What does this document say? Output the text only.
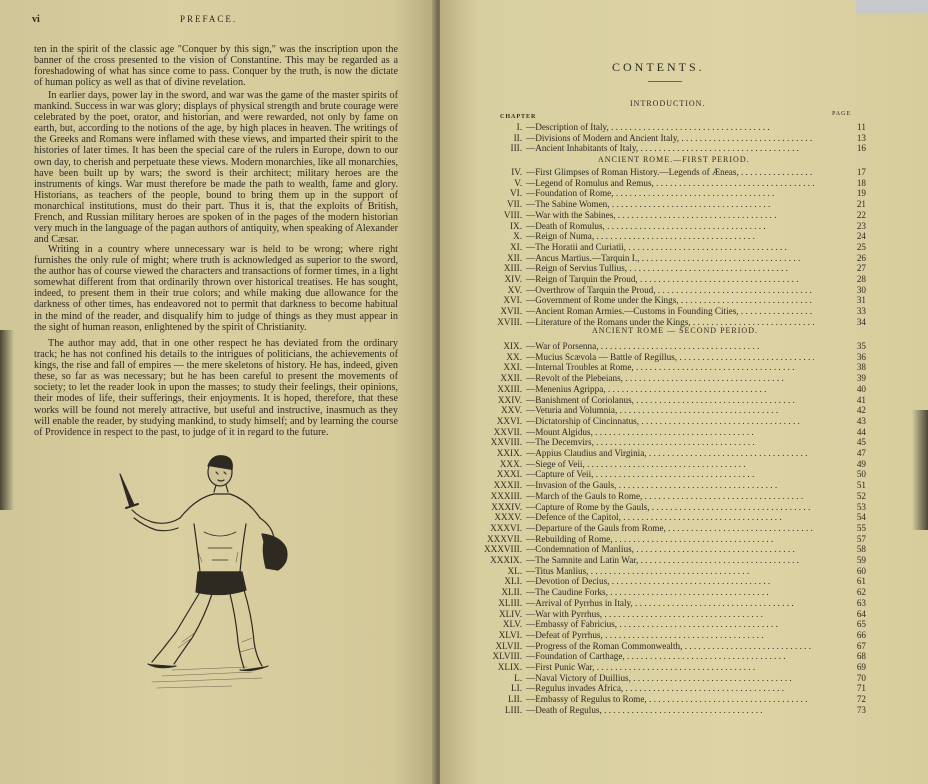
vi	PREFACE.

ten in the spirit of the classic age "Conquer by this sign," was the inscription upon the banner of the cross presented to the vision of Constantine. This may be regarded as a foreshadowing of what has since come to pass. Conquer by the truth, is now the dictate of human policy as well as that of divine revelation.

In earlier days, power lay in the sword, and war was the game of the master spirits of mankind. Success in war was glory; displays of physical strength and brute courage were celebrated by the poet, orator, and historian, and were rewarded, not only by fame on earth, but, according to the notions of the age, by high places in heaven. The writings of the Greeks and Romans were inflamed with these views, and imparted their spirit to the histories of later times. It has been the special care of the rulers in Europe, down to our own day, to cherish and perpetuate these views. Modern monarchies, like all monarchies, have been built up by wars; the sword is their architect; military heroes are the instruments of kings. War must therefore be made the path to wealth, fame and glory. Historians, as teachers of the people, bound to bring them up in the support of monarchical institutions, must do their part. Thus it is, that the exploits of British, French, and Russian military heroes are spoken of in the pages of the modern historian very much in the language of the pagan authors of antiquity, when speaking of Alexander and Cæsar.

Writing in a country where unnecessary war is held to be wrong; where right furnishes the only rule of might; where truth is acknowledged as superior to the sword, the author has of course viewed the characters and transactions of former times, in a light somewhat different from that ordinarily thrown over historical treatises. He has sought, indeed, to present them in their true colors; and while making due allowance for the darkness of other times, has endeavored not to permit that darkness to become habitual in the mind of the reader, and disqualify him to judge of things as they must appear in the sight of human reason, enlightened by the spirit of Christianity.

The author may add, that in one other respect he has deviated from the ordinary track; he has not confined his details to the intrigues of politicians, the achievements of kings, the rise and fall of empires — the mere skeletons of history. He has, indeed, given these, so far as was necessary; but he has been careful to present the movements of society; to let the reader look in upon the masses; to study their feelings, their opinions, their modes of life, their sufferings, their enjoyments. It is hoped, therefore, that these works will be found not merely attractive, but useful and instructive, inasmuch as they will enable the reader, by studying mankind, to study himself; and by learning the course of Providence in respect to the past, to judge of it in regard to the future.

CONTENTS.
INTRODUCTION.
CHAPTER	PAGE
I. —Description of Italy, . .	11
II. —Divisions of Modern and Ancient Italy, . .	13
III. —Ancient Inhabitants of Italy, . .	16
ANCIENT ROME.—FIRST PERIOD.
IV. —First Glimpses of Roman History.—Legends of Æneas, . .	17
V. —Legend of Romulus and Remus, . .	18
VI. —Foundation of Rome, . .	19
VII. —The Sabine Women, . .	21
VIII. —War with the Sabines, . .	22
IX. —Death of Romulus, . .	23
X. —Reign of Numa, . .	24
XI. —The Horatii and Curiatii, . .	25
XII. —Ancus Martius.—Tarquin I., . .	26
XIII. —Reign of Servius Tullius, . .	27
XIV. —Reign of Tarquin the Proud, . .	28
XV. —Overthrow of Tarquin the Proud, . .	30
XVI. —Government of Rome under the Kings, . .	31
XVII. —Ancient Roman Armies.—Customs in Founding Cities, . .	33
XVIII. —Literature of the Romans under the Kings, . .	34
ANCIENT ROME — SECOND PERIOD.
XIX. —War of Porsenna, . .	35
XX. —Mucius Scævola — Battle of Regillus, . .	36
XXI. —Internal Troubles at Rome, . .	38
XXII. —Revolt of the Plebeians, . .	39
XXIII. —Menenius Agrippa, . .	40
XXIV. —Banishment of Coriolanus, . .	41
XXV. —Veturia and Volumnia, . .	42
XXVI. —Dictatorship of Cincinnatus, . .	43
XXVII. —Mount Algidus, . .	44
XXVIII. —The Decemvirs, . .	45
XXIX. —Appius Claudius and Virginia, . .	47
XXX. —Siege of Veii, . .	49
XXXI. —Capture of Veii, . .	50
XXXII. —Invasion of the Gauls, . .	51
XXXIII. —March of the Gauls to Rome, . .	52
XXXIV. —Capture of Rome by the Gauls, . .	53
XXXV. —Defence of the Capitol, . .	54
XXXVI. —Departure of the Gauls from Rome, . .	55
XXXVII. —Rebuilding of Rome, . .	57
XXXVIII. —Condemnation of Manlius, . .	58
XXXIX. —The Samnite and Latin War, . .	59
XL. —Titus Manlius, . .	60
XLI. —Devotion of Decius, . .	61
XLII. —The Caudine Forks, . .	62
XLIII. —Arrival of Pyrrhus in Italy, . .	63
XLIV. —War with Pyrrhus, . .	64
XLV. —Embassy of Fabricius, . .	65
XLVI. —Defeat of Pyrrhus, . .	66
XLVII. —Progress of the Roman Commonwealth, . .	67
XLVIII. —Foundation of Carthage, . .	68
XLIX. —First Punic War, . .	69
L. —Naval Victory of Duillius, . .	70
LI. —Regulus invades Africa, . .	71
LII. —Embassy of Regulus to Rome, . .	72
LIII. —Death of Regulus, . .	73
